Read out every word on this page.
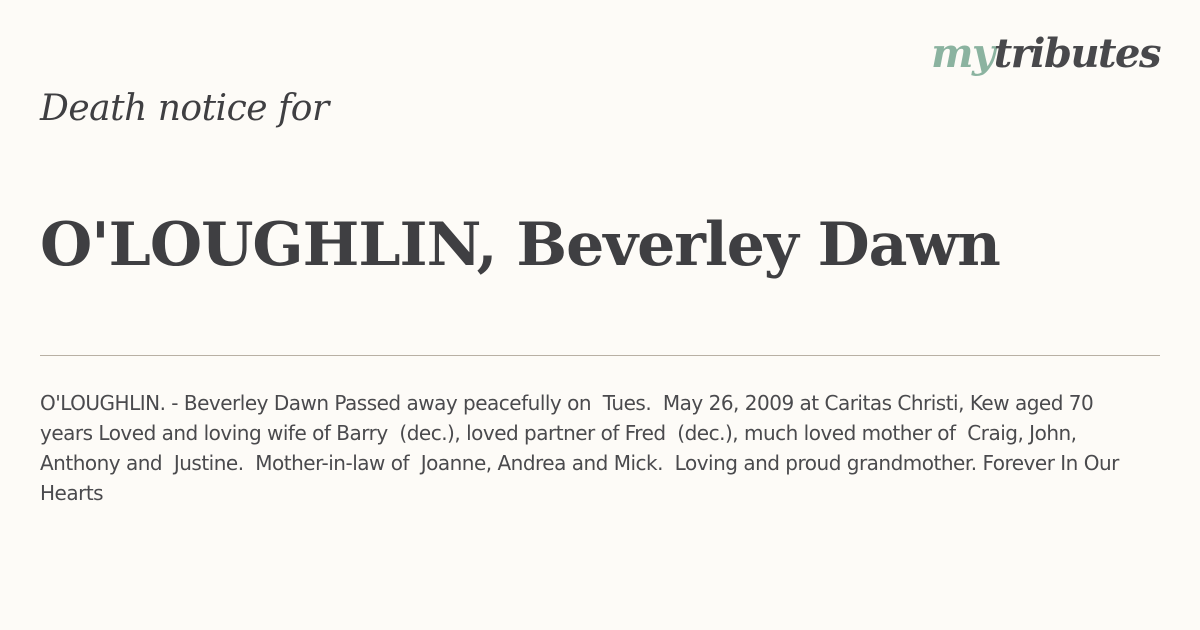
mytributes
Death notice for
O'LOUGHLIN, Beverley Dawn
O'LOUGHLIN. - Beverley Dawn Passed away peacefully on  Tues.  May 26, 2009 at Caritas Christi, Kew aged 70 years Loved and loving wife of Barry  (dec.), loved partner of Fred  (dec.), much loved mother of  Craig, John, Anthony and  Justine.  Mother-in-law of  Joanne, Andrea and Mick.  Loving and proud grandmother. Forever In Our Hearts
